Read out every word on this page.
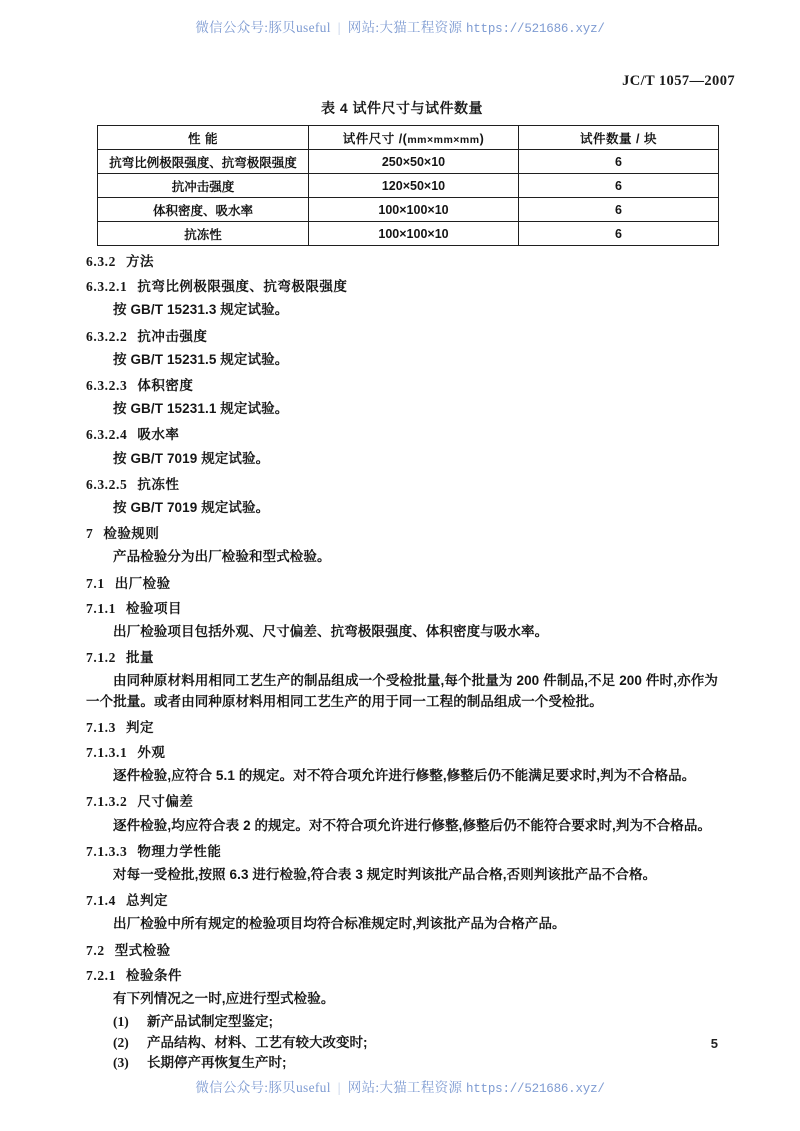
微信公众号:豚贝useful | 网站:大猫工程资源 https://521686.xyz/
JC/T 1057—2007
表 4 试件尺寸与试件数量
性 能	试件尺寸 /(mm×mm×mm)	试件数量 / 块
抗弯比例极限强度、抗弯极限强度	250×50×10	6
抗冲击强度	120×50×10	6
体积密度、吸水率	100×100×10	6
抗冻性	100×100×10	6
6.3.2 方法
6.3.2.1 抗弯比例极限强度、抗弯极限强度

按 GB/T 15231.3 规定试验。

6.3.2.2 抗冲击强度

按 GB/T 15231.5 规定试验。

6.3.2.3 体积密度

按 GB/T 15231.1 规定试验。

6.3.2.4 吸水率

按 GB/T 7019 规定试验。

6.3.2.5 抗冻性

按 GB/T 7019 规定试验。

7 检验规则

产品检验分为出厂检验和型式检验。

7.1 出厂检验
7.1.1 检验项目

出厂检验项目包括外观、尺寸偏差、抗弯极限强度、体积密度与吸水率。

7.1.2 批量

由同种原材料用相同工艺生产的制品组成一个受检批量,每个批量为 200 件制品,不足 200 件时,亦作为一个批量。或者由同种原材料用相同工艺生产的用于同一工程的制品组成一个受检批。

7.1.3 判定
7.1.3.1 外观

逐件检验,应符合 5.1 的规定。对不符合项允许进行修整,修整后仍不能满足要求时,判为不合格品。

7.1.3.2 尺寸偏差

逐件检验,均应符合表 2 的规定。对不符合项允许进行修整,修整后仍不能符合要求时,判为不合格品。

7.1.3.3 物理力学性能

对每一受检批,按照 6.3 进行检验,符合表 3 规定时判该批产品合格,否则判该批产品不合格。

7.1.4 总判定

出厂检验中所有规定的检验项目均符合标准规定时,判该批产品为合格产品。

7.2 型式检验
7.2.1 检验条件

有下列情况之一时,应进行型式检验。

(1) 新产品试制定型鉴定;
(2) 产品结构、材料、工艺有较大改变时;
(3) 长期停产再恢复生产时;
5
微信公众号:豚贝useful | 网站:大猫工程资源 https://521686.xyz/
